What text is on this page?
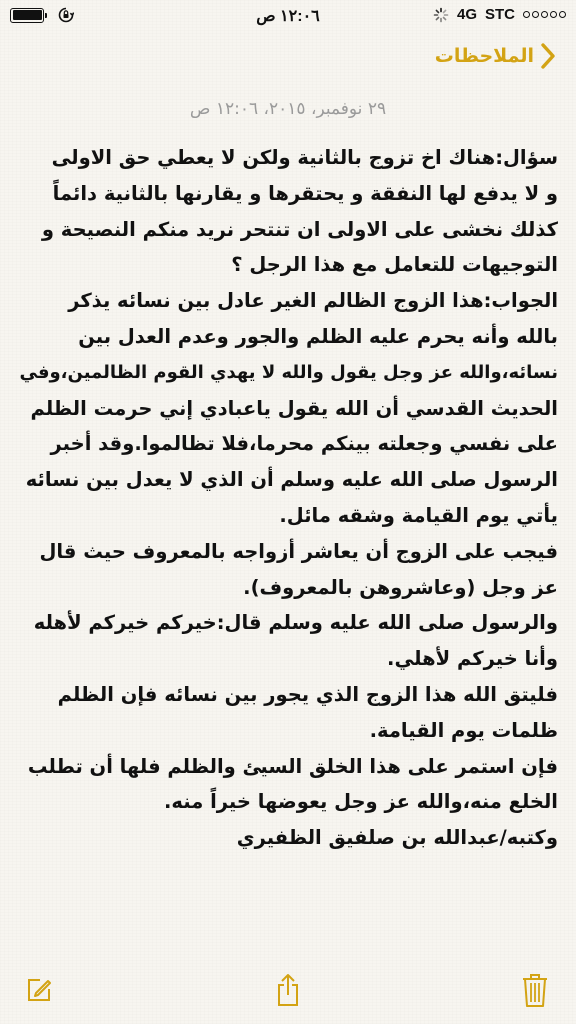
١٢:٠٦ ص	4G STC
الملاحظات
٢٩ نوفمبر، ٢٠١٥، ١٢:٠٦ ص
سؤال:هناك اخ تزوج بالثانية ولكن لا يعطي حق الاولى
و لا يدفع لها النفقة و يحتقرها و يقارنها بالثانية دائماً
كذلك نخشى على الاولى ان تنتحر نريد منكم النصيحة و
التوجيهات للتعامل مع هذا الرجل ؟
الجواب:هذا الزوج الظالم الغير عادل بين نسائه يذكر
بالله وأنه يحرم عليه الظلم والجور وعدم العدل بين
نسائه،والله عز وجل يقول والله لا يهدي القوم الظالمين،وفي
الحديث القدسي أن الله يقول ياعبادي إني حرمت الظلم
على نفسي وجعلته بينكم محرما،فلا تظالموا.وقد أخبر
الرسول صلى الله عليه وسلم أن الذي لا يعدل بين نسائه
يأتي يوم القيامة وشقه مائل.
فيجب على الزوج أن يعاشر أزواجه بالمعروف حيث قال
عز وجل (وعاشروهن بالمعروف).
والرسول صلى الله عليه وسلم قال:خيركم خيركم لأهله
وأنا خيركم لأهلي.
فليتق الله هذا الزوج الذي يجور بين نسائه فإن الظلم
ظلمات يوم القيامة.
فإن استمر على هذا الخلق السيئ والظلم فلها أن تطلب
الخلع منه،والله عز وجل يعوضها خيراً منه.
وكتبه/عبدالله بن صلفيق الظفيري
